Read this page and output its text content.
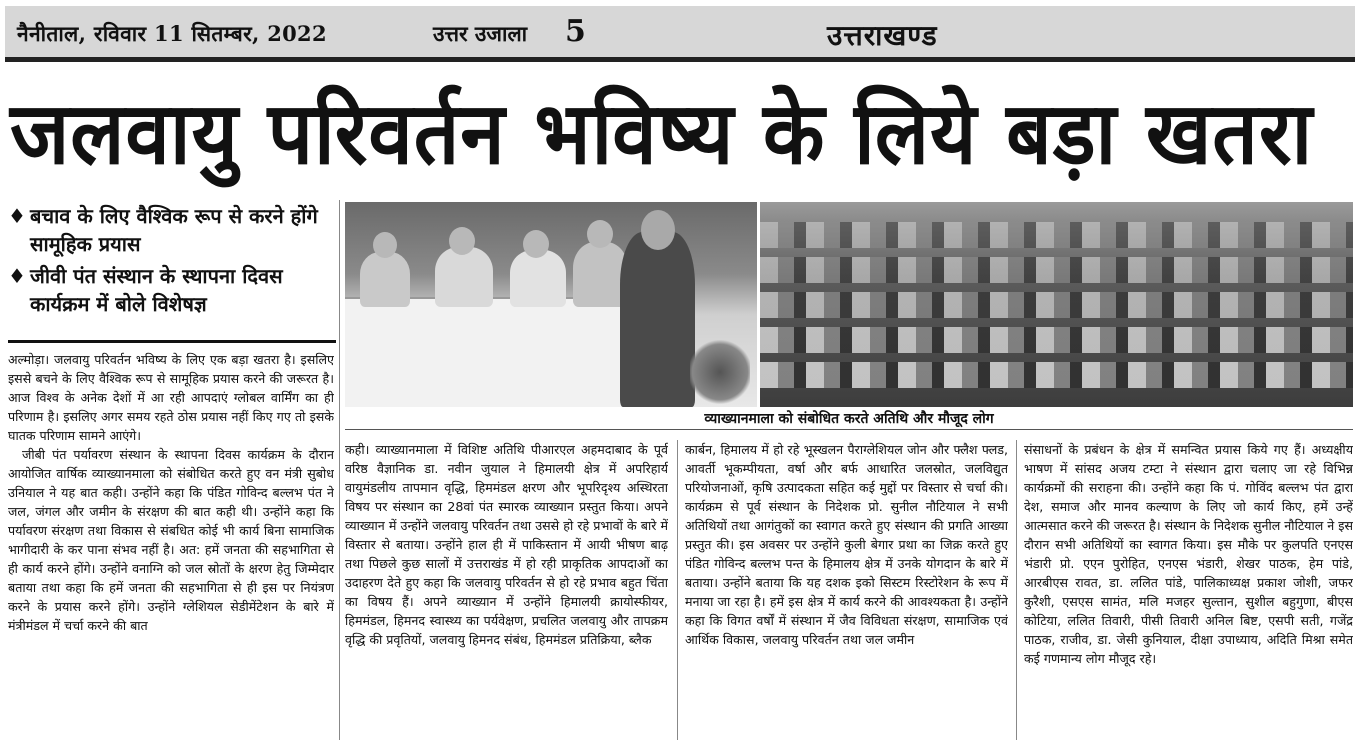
नैनीताल, रविवार 11 सितम्बर, 2022	उत्तर उजाला 5	उत्तराखण्ड
जलवायु परिवर्तन भविष्य के लिये बड़ा खतरा
♦ बचाव के लिए वैश्विक रूप से करने होंगे सामूहिक प्रयास
♦ जीवी पंत संस्थान के स्थापना दिवस कार्यक्रम में बोले विशेषज्ञ
व्याख्यानमाला को संबोधित करते अतिथि और मौजूद लोग

अल्मोड़ा। जलवायु परिवर्तन भविष्य के लिए एक बड़ा खतरा है। इसलिए इससे बचने के लिए वैश्विक रूप से सामूहिक प्रयास करने की जरूरत है। आज विश्व के अनेक देशों में आ रही आपदाएं ग्लोबल वार्मिंग का ही परिणाम है। इसलिए अगर समय रहते ठोस प्रयास नहीं किए गए तो इसके घातक परिणाम सामने आएंगे।

जीबी पंत पर्यावरण संस्थान के स्थापना दिवस कार्यक्रम के दौरान आयोजित वार्षिक व्याख्यानमाला को संबोधित करते हुए वन मंत्री सुबोध उनियाल ने यह बात कही। उन्होंने कहा कि पंडित गोविन्द बल्लभ पंत ने जल, जंगल और जमीन के संरक्षण की बात कही थी। उन्होंने कहा कि पर्यावरण संरक्षण तथा विकास से संबधित कोई भी कार्य बिना सामाजिक भागीदारी के कर पाना संभव नहीं है। अत: हमें जनता की सहभागिता से ही कार्य करने होंगे। उन्होंने वनाग्नि को जल स्रोतों के क्षरण हेतु जिम्मेदार बताया तथा कहा कि हमें जनता की सहभागिता से ही इस पर नियंत्रण करने के प्रयास करने होंगे। उन्होंने ग्लेशियल सेडीमेंटेशन के बारे में मंत्रीमंडल में चर्चा करने की बात

कही। व्याख्यानमाला में विशिष्ट अतिथि पीआरएल अहमदाबाद के पूर्व वरिष्ठ वैज्ञानिक डा. नवीन जुयाल ने हिमालयी क्षेत्र में अपरिहार्य वायुमंडलीय तापमान वृद्धि, हिममंडल क्षरण और भूपरिदृश्य अस्थिरता विषय पर संस्थान का 28वां पंत स्मारक व्याख्यान प्रस्तुत किया। अपने व्याख्यान में उन्होंने जलवायु परिवर्तन तथा उससे हो रहे प्रभावों के बारे में विस्तार से बताया। उन्होंने हाल ही में पाकिस्तान में आयी भीषण बाढ़ तथा पिछले कुछ सालों में उत्तराखंड में हो रही प्राकृतिक आपदाओं का उदाहरण देते हुए कहा कि जलवायु परिवर्तन से हो रहे प्रभाव बहुत चिंता का विषय हैं। अपने व्याख्यान में उन्होंने हिमालयी क्रायोस्फीयर, हिममंडल, हिमनद स्वास्थ्य का पर्यवेक्षण, प्रचलित जलवायु और तापक्रम वृद्धि की प्रवृतियों, जलवायु हिमनद संबंध, हिममंडल प्रतिक्रिया, ब्लैक

कार्बन, हिमालय में हो रहे भूस्खलन पैराग्लेशियल जोन और फ्लैश फ्लड, आवर्ती भूकम्पीयता, वर्षा और बर्फ आधारित जलस्रोत, जलविद्युत परियोजनाओं, कृषि उत्पादकता सहित कई मुद्दों पर विस्तार से चर्चा की। कार्यक्रम से पूर्व संस्थान के निदेशक प्रो. सुनील नौटियाल ने सभी अतिथियों तथा आगंतुकों का स्वागत करते हुए संस्थान की प्रगति आख्या प्रस्तुत की। इस अवसर पर उन्होंने कुली बेगार प्रथा का जिक्र करते हुए पंडित गोविन्द बल्लभ पन्त के हिमालय क्षेत्र में उनके योगदान के बारे में बताया। उन्होंने बताया कि यह दशक इको सिस्टम रिस्टोरेशन के रूप में मनाया जा रहा है। हमें इस क्षेत्र में कार्य करने की आवश्यकता है। उन्होंने कहा कि विगत वर्षों में संस्थान में जैव विविधता संरक्षण, सामाजिक एवं आर्थिक विकास, जलवायु परिवर्तन तथा जल जमीन

संसाधनों के प्रबंधन के क्षेत्र में समन्वित प्रयास किये गए हैं। अध्यक्षीय भाषण में सांसद अजय टम्टा ने संस्थान द्वारा चलाए जा रहे विभिन्न कार्यक्रमों की सराहना की। उन्होंने कहा कि पं. गोविंद बल्लभ पंत द्वारा देश, समाज और मानव कल्याण के लिए जो कार्य किए, हमें उन्हें आत्मसात करने की जरूरत है। संस्थान के निदेशक सुनील नौटियाल ने इस दौरान सभी अतिथियों का स्वागत किया। इस मौके पर कुलपति एनएस भंडारी प्रो. एएन पुरोहित, एनएस भंडारी, शेखर पाठक, हेम पांडे, आरबीएस रावत, डा. ललित पांडे, पालिकाध्यक्ष प्रकाश जोशी, जफर कुरैशी, एसएस सामंत, मलि मजहर सुल्तान, सुशील बहुगुणा, बीएस कोटिया, ललित तिवारी, पीसी तिवारी अनिल बिष्ट, एसपी सती, गजेंद्र पाठक, राजीव, डा. जेसी कुनियाल, दीक्षा उपाध्याय, अदिति मिश्रा समेत कई गणमान्य लोग मौजूद रहे।
